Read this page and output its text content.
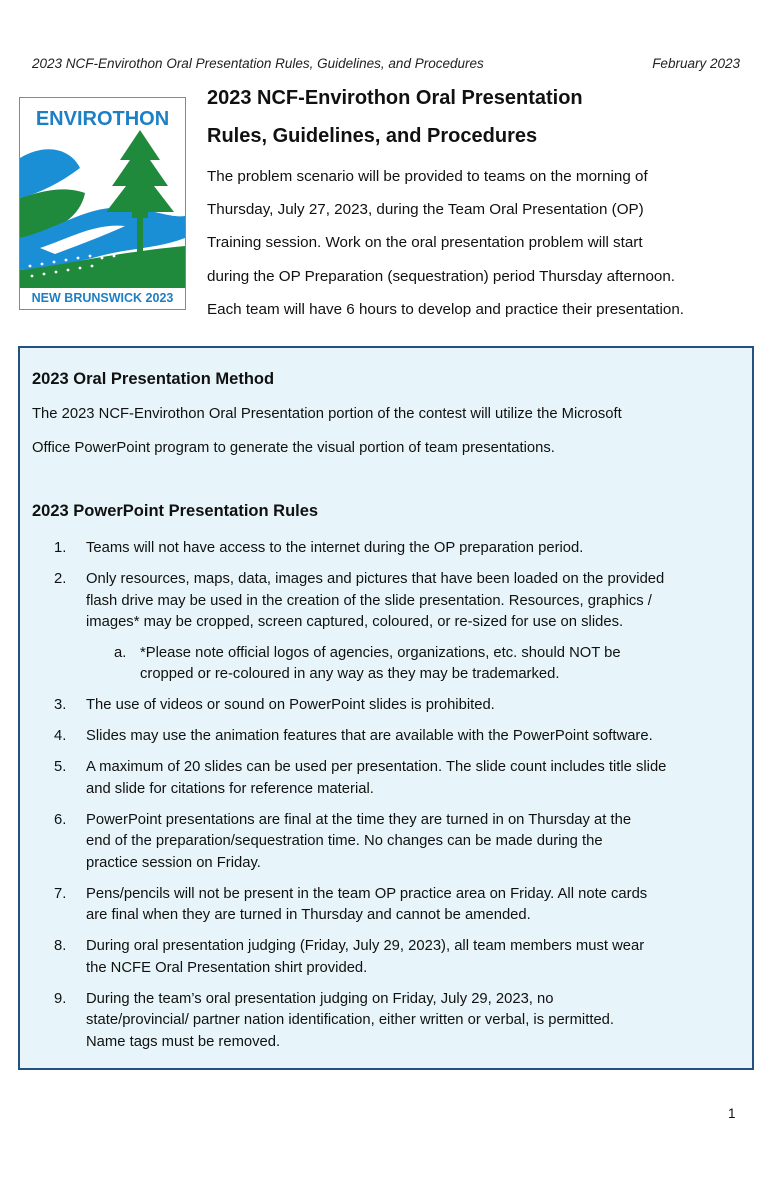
2023 NCF-Envirothon Oral Presentation Rules, Guidelines, and Procedures	February 2023
ENVIROTHON
NEW BRUNSWICK 2023
2023 NCF-Envirothon Oral Presentation
Rules, Guidelines, and Procedures
The problem scenario will be provided to teams on the morning of
Thursday, July 27, 2023, during the Team Oral Presentation (OP)
Training session. Work on the oral presentation problem will start
during the OP Preparation (sequestration) period Thursday afternoon.
Each team will have 6 hours to develop and practice their presentation.
2023 Oral Presentation Method
The 2023 NCF-Envirothon Oral Presentation portion of the contest will utilize the Microsoft
Office PowerPoint program to generate the visual portion of team presentations.
2023 PowerPoint Presentation Rules
1. Teams will not have access to the internet during the OP preparation period.
2. Only resources, maps, data, images and pictures that have been loaded on the provided
flash drive may be used in the creation of the slide presentation. Resources, graphics /
images* may be cropped, screen captured, coloured, or re-sized for use on slides.
a. *Please note official logos of agencies, organizations, etc. should NOT be
cropped or re-coloured in any way as they may be trademarked.
3. The use of videos or sound on PowerPoint slides is prohibited.
4. Slides may use the animation features that are available with the PowerPoint software.
5. A maximum of 20 slides can be used per presentation. The slide count includes title slide
and slide for citations for reference material.
6. PowerPoint presentations are final at the time they are turned in on Thursday at the
end of the preparation/sequestration time. No changes can be made during the
practice session on Friday.
7. Pens/pencils will not be present in the team OP practice area on Friday. All note cards
are final when they are turned in Thursday and cannot be amended.
8. During oral presentation judging (Friday, July 29, 2023), all team members must wear
the NCFE Oral Presentation shirt provided.
9. During the team’s oral presentation judging on Friday, July 29, 2023, no
state/provincial/ partner nation identification, either written or verbal, is permitted.
Name tags must be removed.
1
